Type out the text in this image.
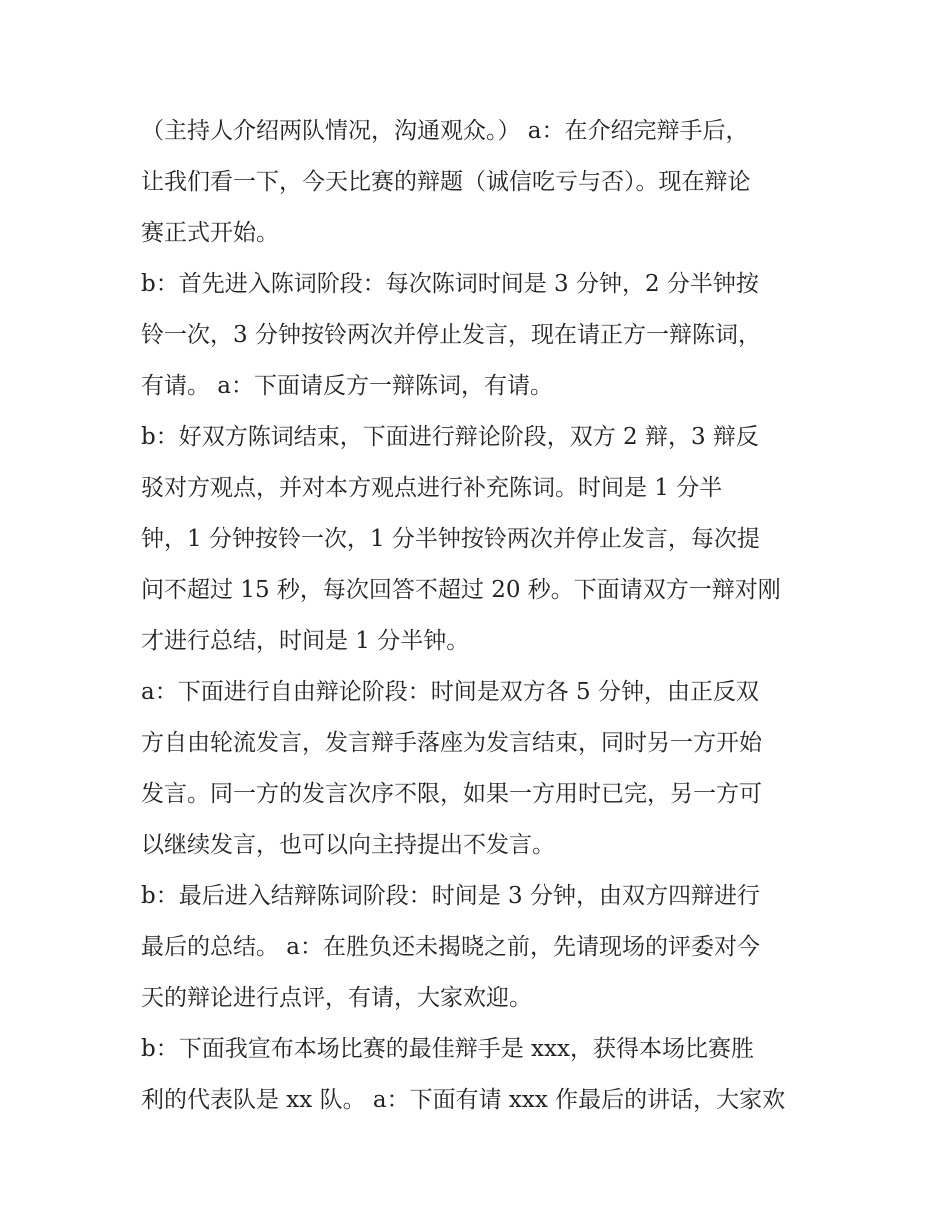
（主持人介绍两队情况，沟通观众。） a：在介绍完辩手后，
让我们看一下，今天比赛的辩题（诚信吃亏与否）。现在辩论
赛正式开始。
b：首先进入陈词阶段：每次陈词时间是 3 分钟，2 分半钟按
铃一次，3 分钟按铃两次并停止发言，现在请正方一辩陈词，
有请。 a：下面请反方一辩陈词，有请。
b：好双方陈词结束，下面进行辩论阶段，双方 2 辩，3 辩反
驳对方观点，并对本方观点进行补充陈词。时间是 1 分半
钟，1 分钟按铃一次，1 分半钟按铃两次并停止发言，每次提
问不超过 15 秒，每次回答不超过 20 秒。下面请双方一辩对刚
才进行总结，时间是 1 分半钟。
a：下面进行自由辩论阶段：时间是双方各 5 分钟，由正反双
方自由轮流发言，发言辩手落座为发言结束，同时另一方开始
发言。同一方的发言次序不限，如果一方用时已完，另一方可
以继续发言，也可以向主持提出不发言。
b：最后进入结辩陈词阶段：时间是 3 分钟，由双方四辩进行
最后的总结。 a：在胜负还未揭晓之前，先请现场的评委对今
天的辩论进行点评，有请，大家欢迎。
b：下面我宣布本场比赛的最佳辩手是 xxx，获得本场比赛胜
利的代表队是 xx 队。 a：下面有请 xxx 作最后的讲话，大家欢
